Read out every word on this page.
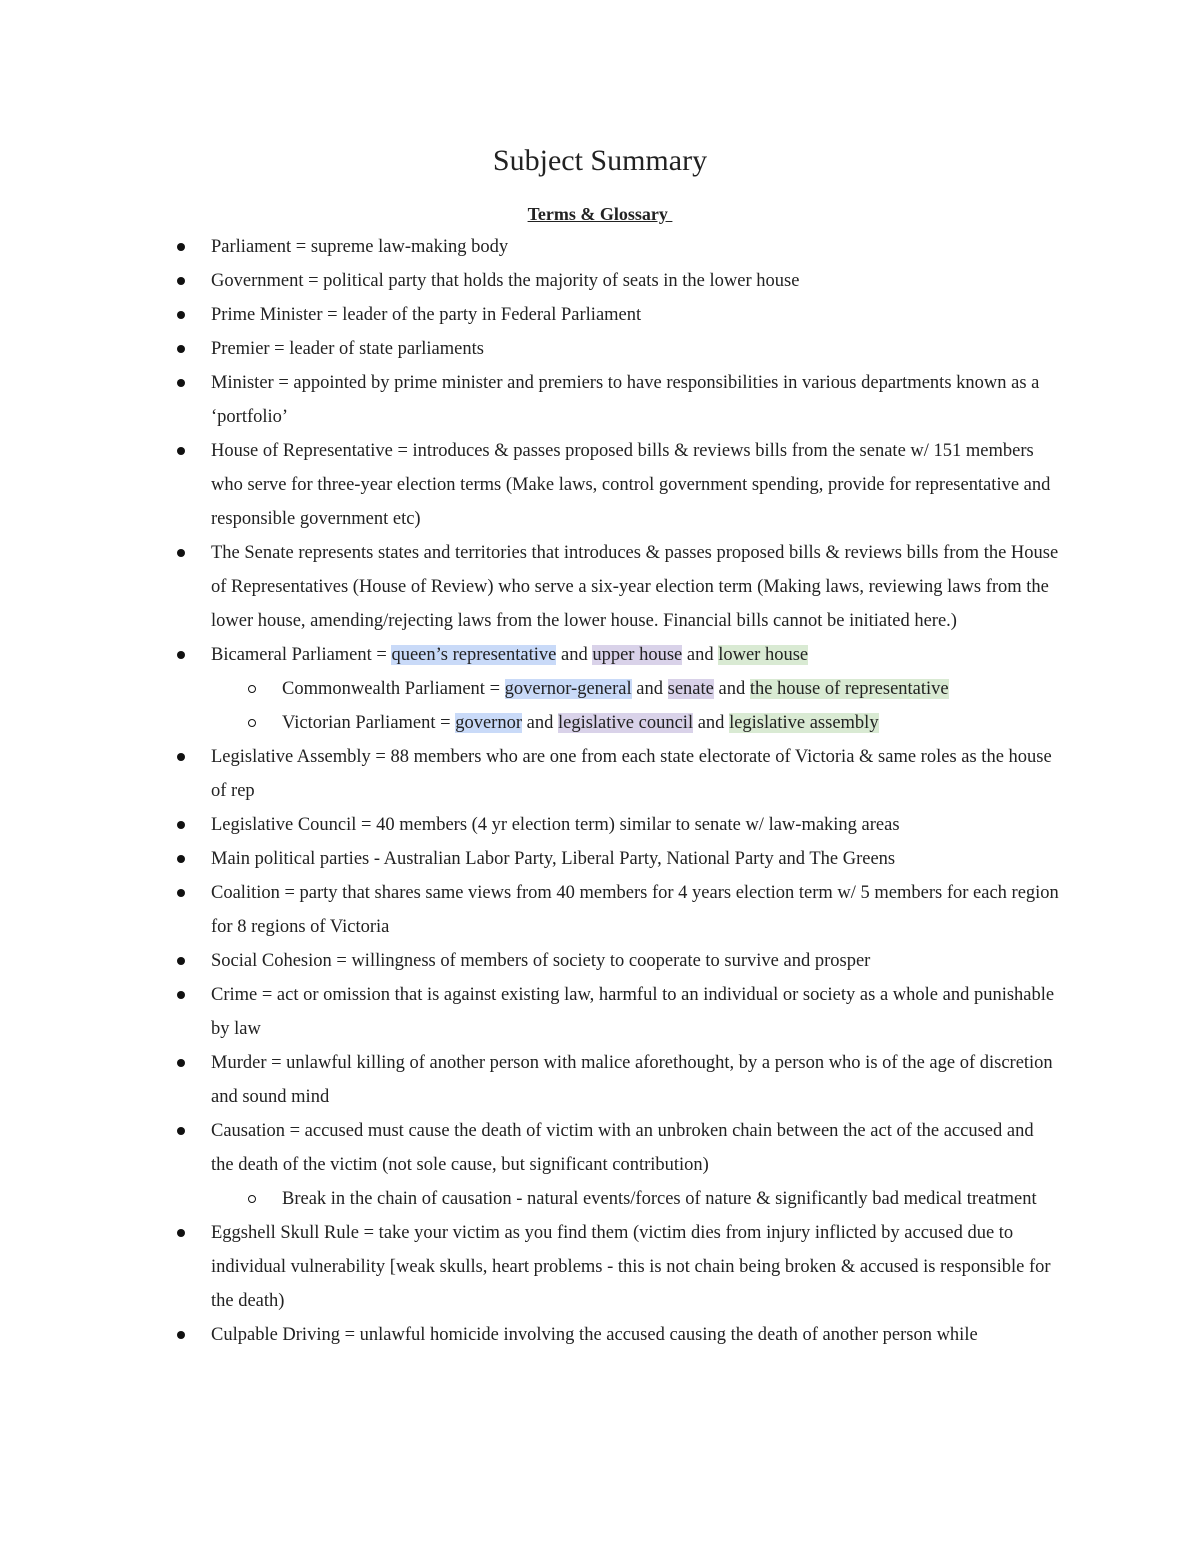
Subject Summary
Terms & Glossary
Parliament = supreme law-making body
Government = political party that holds the majority of seats in the lower house
Prime Minister = leader of the party in Federal Parliament
Premier = leader of state parliaments
Minister = appointed by prime minister and premiers to have responsibilities in various departments known as a ‘portfolio’
House of Representative = introduces & passes proposed bills & reviews bills from the senate w/ 151 members who serve for three-year election terms (Make laws, control government spending, provide for representative and responsible government etc)
The Senate represents states and territories that introduces & passes proposed bills & reviews bills from the House of Representatives (House of Review) who serve a six-year election term (Making laws, reviewing laws from the lower house, amending/rejecting laws from the lower house. Financial bills cannot be initiated here.)
Bicameral Parliament = queen’s representative and upper house and lower house
Commonwealth Parliament = governor-general and senate and the house of representative
Victorian Parliament = governor and legislative council and legislative assembly
Legislative Assembly = 88 members who are one from each state electorate of Victoria & same roles as the house of rep
Legislative Council = 40 members (4 yr election term) similar to senate w/ law-making areas
Main political parties - Australian Labor Party, Liberal Party, National Party and The Greens
Coalition = party that shares same views from 40 members for 4 years election term w/ 5 members for each region for 8 regions of Victoria
Social Cohesion = willingness of members of society to cooperate to survive and prosper
Crime = act or omission that is against existing law, harmful to an individual or society as a whole and punishable by law
Murder = unlawful killing of another person with malice aforethought, by a person who is of the age of discretion and sound mind
Causation = accused must cause the death of victim with an unbroken chain between the act of the accused and the death of the victim (not sole cause, but significant contribution)
Break in the chain of causation - natural events/forces of nature & significantly bad medical treatment
Eggshell Skull Rule = take your victim as you find them (victim dies from injury inflicted by accused due to individual vulnerability [weak skulls, heart problems - this is not chain being broken & accused is responsible for the death)
Culpable Driving = unlawful homicide involving the accused causing the death of another person while
